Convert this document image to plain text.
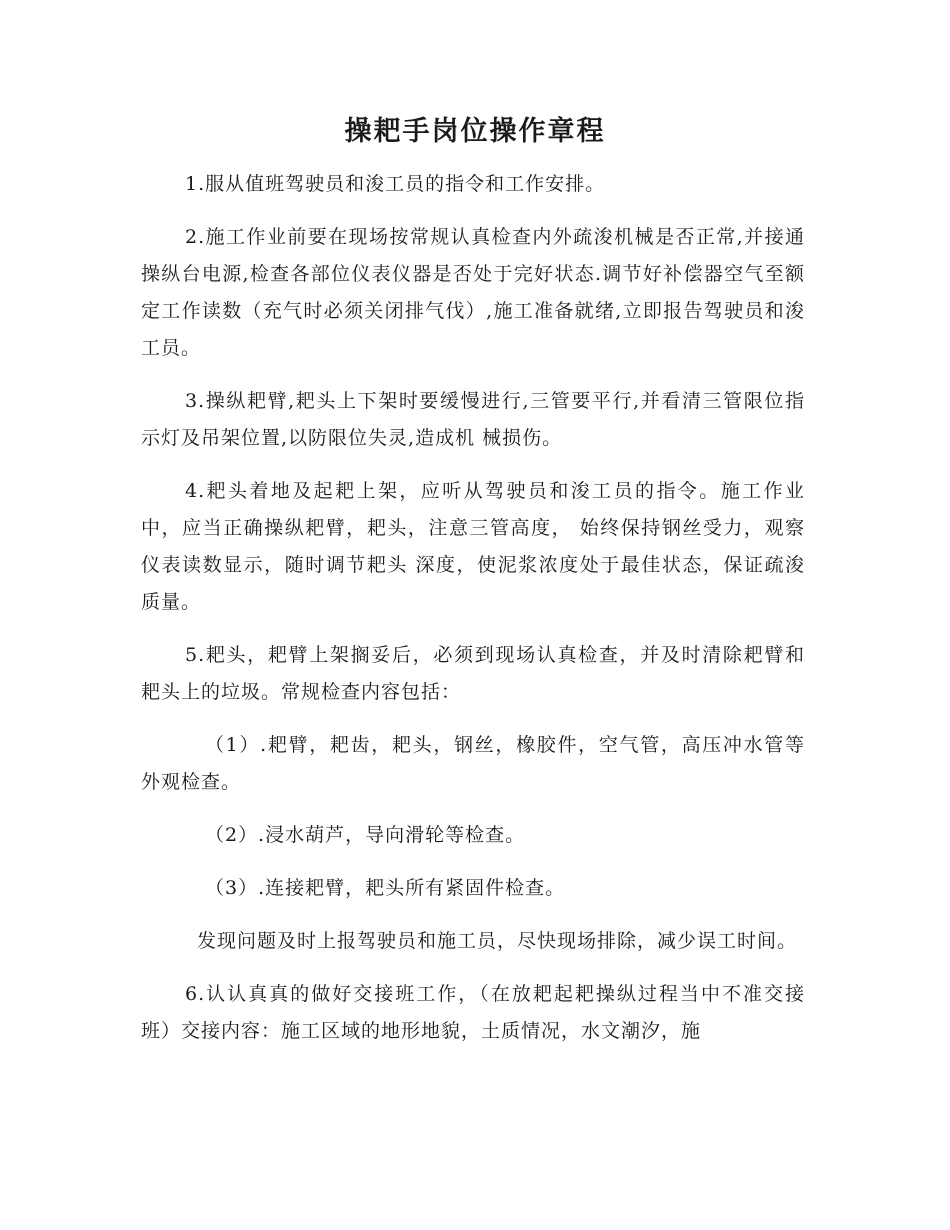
操耙手岗位操作章程

1.服从值班驾驶员和浚工员的指令和工作安排。

2.施工作业前要在现场按常规认真检查内外疏浚机械是否正常,并接通操纵台电源,检查各部位仪表仪器是否处于完好状态.调节好补偿器空气至额定工作读数（充气时必须关闭排气伐）,施工准备就绪,立即报告驾驶员和浚工员。

3.操纵耙臂,耙头上下架时要缓慢进行,三管要平行,并看清三管限位指示灯及吊架位置,以防限位失灵,造成机 械损伤。

4.耙头着地及起耙上架，应听从驾驶员和浚工员的指令。施工作业中，应当正确操纵耙臂，耙头，注意三管高度， 始终保持钢丝受力，观察仪表读数显示，随时调节耙头 深度，使泥浆浓度处于最佳状态，保证疏浚质量。

5.耙头，耙臂上架搁妥后，必须到现场认真检查，并及时清除耙臂和耙头上的垃圾。常规检查内容包括：

（1）.耙臂，耙齿，耙头，钢丝，橡胶件，空气管，高压冲水管等外观检查。

（2）.浸水葫芦，导向滑轮等检查。

（3）.连接耙臂，耙头所有紧固件检查。

发现问题及时上报驾驶员和施工员，尽快现场排除，减少误工时间。

6.认认真真的做好交接班工作，（在放耙起耙操纵过程当中不准交接班）交接内容：施工区域的地形地貌，土质情况，水文潮汐，施
